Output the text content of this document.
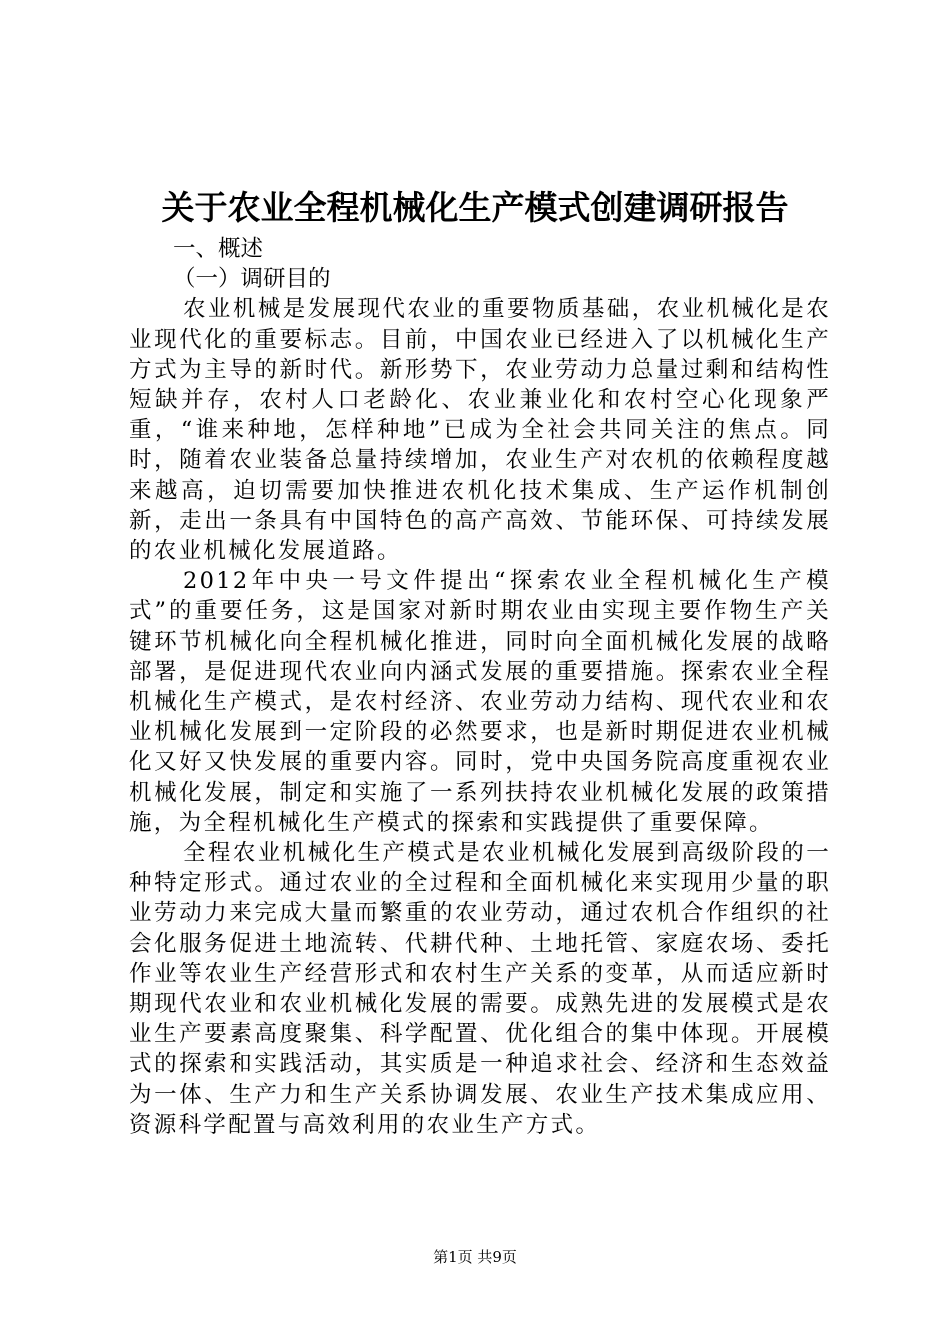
关于农业全程机械化生产模式创建调研报告

一、概述

（一）调研目的

农业机械是发展现代农业的重要物质基础，农业机械化是农业现代化的重要标志。目前，中国农业已经进入了以机械化生产方式为主导的新时代。新形势下，农业劳动力总量过剩和结构性短缺并存，农村人口老龄化、农业兼业化和农村空心化现象严重，“谁来种地，怎样种地”已成为全社会共同关注的焦点。同时，随着农业装备总量持续增加，农业生产对农机的依赖程度越来越高，迫切需要加快推进农机化技术集成、生产运作机制创新，走出一条具有中国特色的高产高效、节能环保、可持续发展的农业机械化发展道路。

2012年中央一号文件提出“探索农业全程机械化生产模式”的重要任务，这是国家对新时期农业由实现主要作物生产关键环节机械化向全程机械化推进，同时向全面机械化发展的战略部署，是促进现代农业向内涵式发展的重要措施。探索农业全程机械化生产模式，是农村经济、农业劳动力结构、现代农业和农业机械化发展到一定阶段的必然要求，也是新时期促进农业机械化又好又快发展的重要内容。同时，党中央国务院高度重视农业机械化发展，制定和实施了一系列扶持农业机械化发展的政策措施，为全程机械化生产模式的探索和实践提供了重要保障。

全程农业机械化生产模式是农业机械化发展到高级阶段的一种特定形式。通过农业的全过程和全面机械化来实现用少量的职业劳动力来完成大量而繁重的农业劳动，通过农机合作组织的社会化服务促进土地流转、代耕代种、土地托管、家庭农场、委托作业等农业生产经营形式和农村生产关系的变革，从而适应新时期现代农业和农业机械化发展的需要。成熟先进的发展模式是农业生产要素高度聚集、科学配置、优化组合的集中体现。开展模式的探索和实践活动，其实质是一种追求社会、经济和生态效益为一体、生产力和生产关系协调发展、农业生产技术集成应用、资源科学配置与高效利用的农业生产方式。

第1页 共9页
